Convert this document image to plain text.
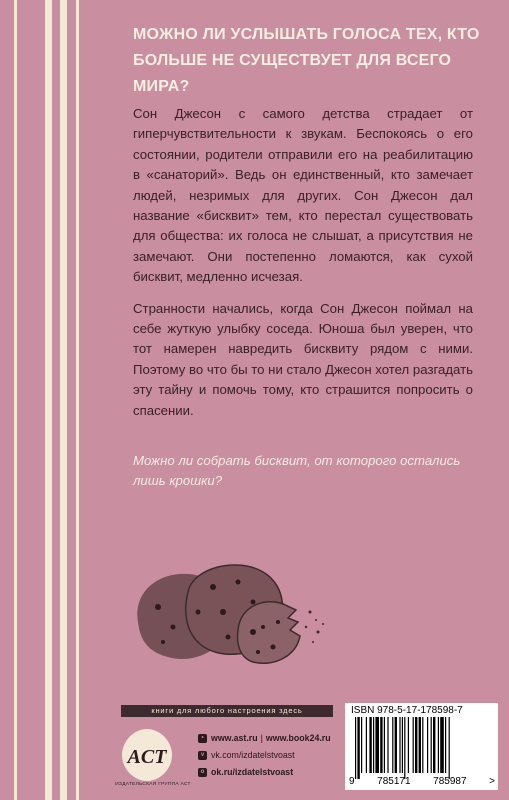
МОЖНО ЛИ УСЛЫШАТЬ ГОЛОСА ТЕХ, КТО
БОЛЬШЕ НЕ СУЩЕСТВУЕТ ДЛЯ ВСЕГО МИРА?

Сон Джесон с самого детства страдает от гиперчувствительности к звукам. Беспокоясь о его состоянии, родители отправили его на реабилитацию в «санаторий». Ведь он единственный, кто замечает людей, незримых для других. Сон Джесон дал название «бисквит» тем, кто перестал существовать для общества: их голоса не слышат, а присутствия не замечают. Они постепенно ломаются, как сухой бисквит, медленно исчезая.

Странности начались, когда Сон Джесон поймал на себе жуткую улыбку соседа. Юноша был уверен, что тот намерен навредить бисквиту рядом с ними. Поэтому во что бы то ни стало Джесон хотел разгадать эту тайну и помочь тому, кто страшится попросить о спасении.

Можно ли собрать бисквит, от которого остались лишь крошки?
книги для любого настроения здесь
ACT
ИЗДАТЕЛЬСКАЯ ГРУППА АСТ
• www.ast.ru | www.book24.ru
v vk.com/izdatelstvoast
o ok.ru/izdatelstvoast
ISBN 978-5-17-178598-7
9 785171 785987 >
